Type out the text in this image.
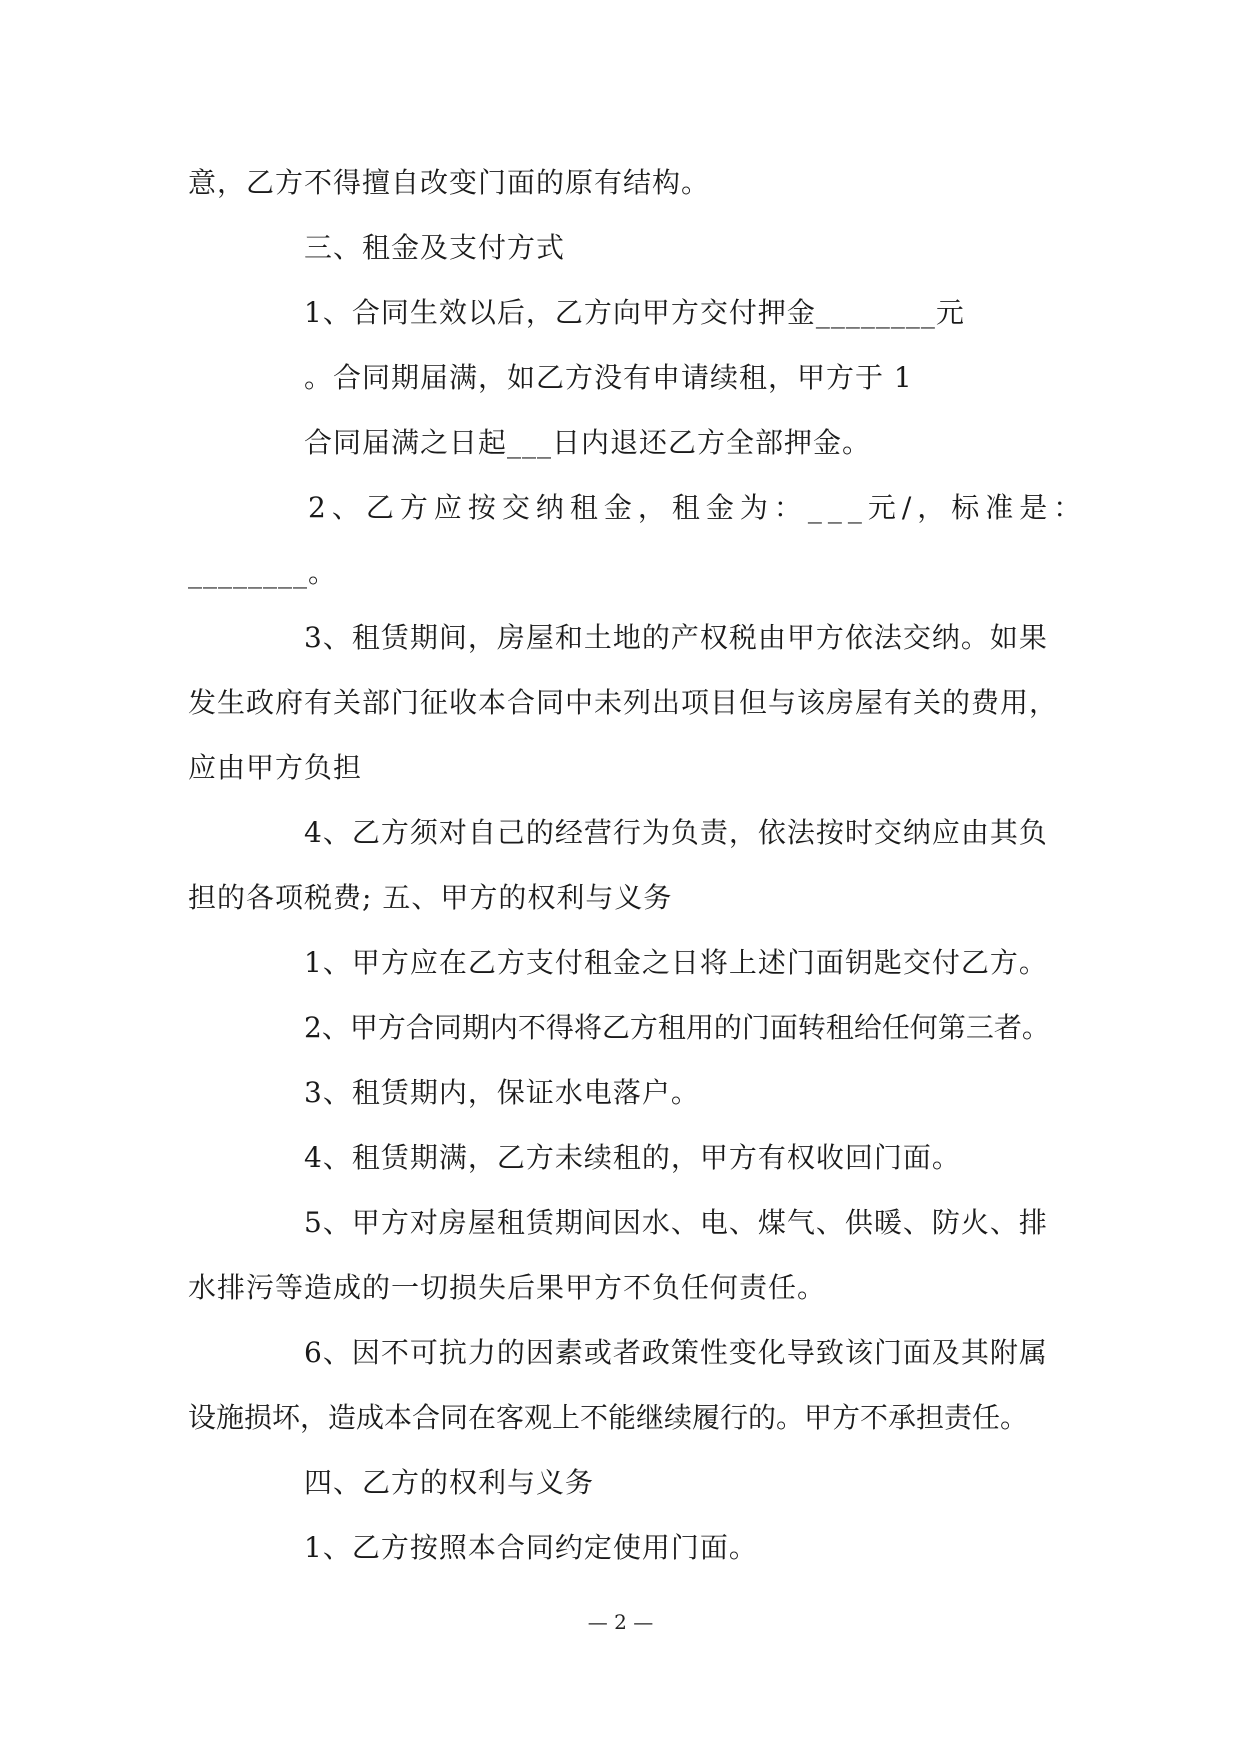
意，乙方不得擅自改变门面的原有结构。
三、租金及支付方式
1、合同生效以后，乙方向甲方交付押金________元
。合同期届满，如乙方没有申请续租，甲方于 1
合同届满之日起___日内退还乙方全部押金。
2、乙方应按交纳租金，租金为：___元/，标准是：
________。
3、租赁期间，房屋和土地的产权税由甲方依法交纳。如果
发生政府有关部门征收本合同中未列出项目但与该房屋有关的费用，
应由甲方负担
4、乙方须对自己的经营行为负责，依法按时交纳应由其负
担的各项税费; 五、甲方的权利与义务
1、甲方应在乙方支付租金之日将上述门面钥匙交付乙方。
2、甲方合同期内不得将乙方租用的门面转租给任何第三者。
3、租赁期内，保证水电落户。
4、租赁期满，乙方未续租的，甲方有权收回门面。
5、甲方对房屋租赁期间因水、电、煤气、供暖、防火、排
水排污等造成的一切损失后果甲方不负任何责任。
6、因不可抗力的因素或者政策性变化导致该门面及其附属
设施损坏，造成本合同在客观上不能继续履行的。甲方不承担责任。
四、乙方的权利与义务
1、乙方按照本合同约定使用门面。
— 2 —
